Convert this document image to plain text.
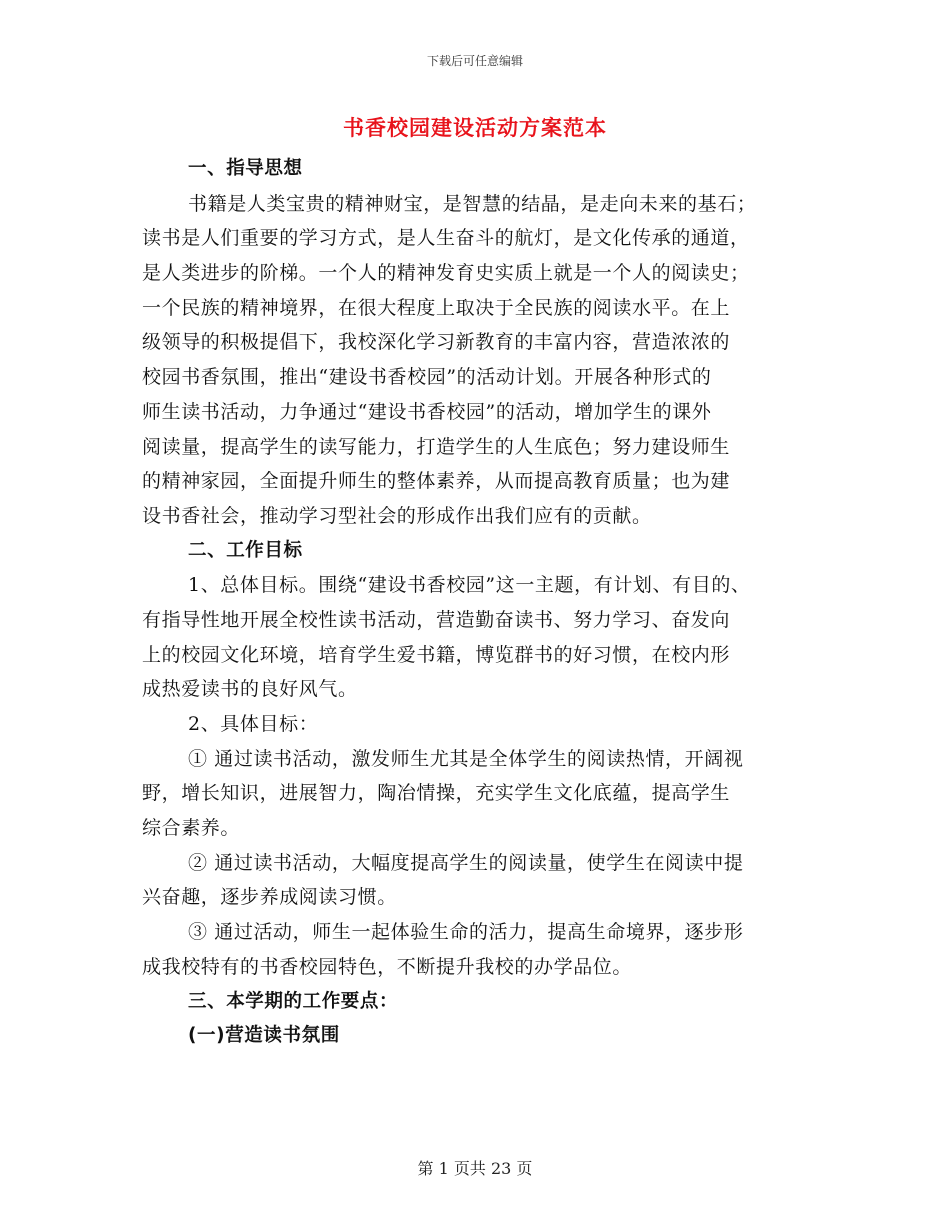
下载后可任意编辑
书香校园建设活动方案范本
一、指导思想
书籍是人类宝贵的精神财宝，是智慧的结晶，是走向未来的基石；
读书是人们重要的学习方式，是人生奋斗的航灯，是文化传承的通道，
是人类进步的阶梯。一个人的精神发育史实质上就是一个人的阅读史；
一个民族的精神境界，在很大程度上取决于全民族的阅读水平。在上
级领导的积极提倡下，我校深化学习新教育的丰富内容，营造浓浓的
校园书香氛围，推出“建设书香校园”的活动计划。开展各种形式的
师生读书活动，力争通过“建设书香校园”的活动，增加学生的课外
阅读量，提高学生的读写能力，打造学生的人生底色；努力建设师生
的精神家园，全面提升师生的整体素养，从而提高教育质量；也为建
设书香社会，推动学习型社会的形成作出我们应有的贡献。
二、工作目标
1、总体目标。围绕“建设书香校园”这一主题，有计划、有目的、
有指导性地开展全校性读书活动，营造勤奋读书、努力学习、奋发向
上的校园文化环境，培育学生爱书籍，博览群书的好习惯，在校内形
成热爱读书的良好风气。
2、具体目标：
① 通过读书活动，激发师生尤其是全体学生的阅读热情，开阔视
野，增长知识，进展智力，陶冶情操，充实学生文化底蕴，提高学生
综合素养。
② 通过读书活动，大幅度提高学生的阅读量，使学生在阅读中提
兴奋趣，逐步养成阅读习惯。
③ 通过活动，师生一起体验生命的活力，提高生命境界，逐步形
成我校特有的书香校园特色，不断提升我校的办学品位。
三、本学期的工作要点：
(一)营造读书氛围
第 1 页共 23 页
